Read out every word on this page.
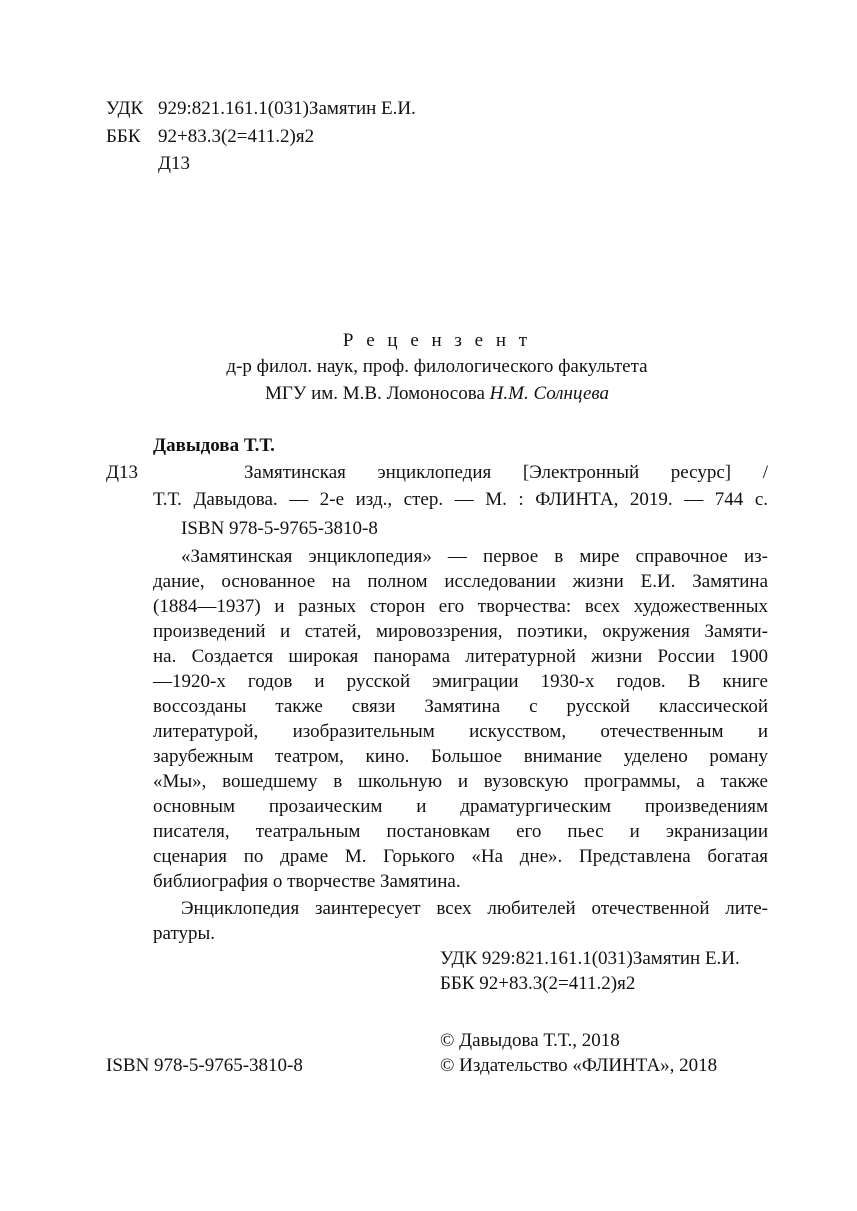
УДК 929:821.161.1(031)Замятин Е.И.
ББК 92+83.3(2=411.2)я2
Д13
Р е ц е н з е н т
д-р филол. наук, проф. филологического факультета
МГУ им. М.В. Ломоносова Н.М. Солнцева
Давыдова Т.Т.
Д13	Замятинская энциклопедия [Электронный ресурс] /
Т.Т. Давыдова. — 2-е изд., стер. — М. : ФЛИНТА, 2019. — 744 с.
ISBN 978-5-9765-3810-8
«Замятинская энциклопедия» — первое в мире справочное из-
дание, основанное на полном исследовании жизни Е.И. Замятина
(1884—1937) и разных сторон его творчества: всех художественных
произведений и статей, мировоззрения, поэтики, окружения Замяти-
на. Создается широкая панорама литературной жизни России 1900
—1920-х годов и русской эмиграции 1930-х годов. В книге
воссозданы также связи Замятина с русской классической
литературой, изобразительным искусством, отечественным и
зарубежным театром, кино. Большое внимание уделено роману
«Мы», вошедшему в школьную и вузовскую программы, а также
основным прозаическим и драматургическим произведениям
писателя, театральным постановкам его пьес и экранизации
сценария по драме М. Горького «На дне». Представлена богатая
библиография о творчестве Замятина.
Энциклопедия заинтересует всех любителей отечественной лите-
ратуры.
УДК 929:821.161.1(031)Замятин Е.И.
ББК 92+83.3(2=411.2)я2
© Давыдова Т.Т., 2018
ISBN 978-5-9765-3810-8	© Издательство «ФЛИНТА», 2018
